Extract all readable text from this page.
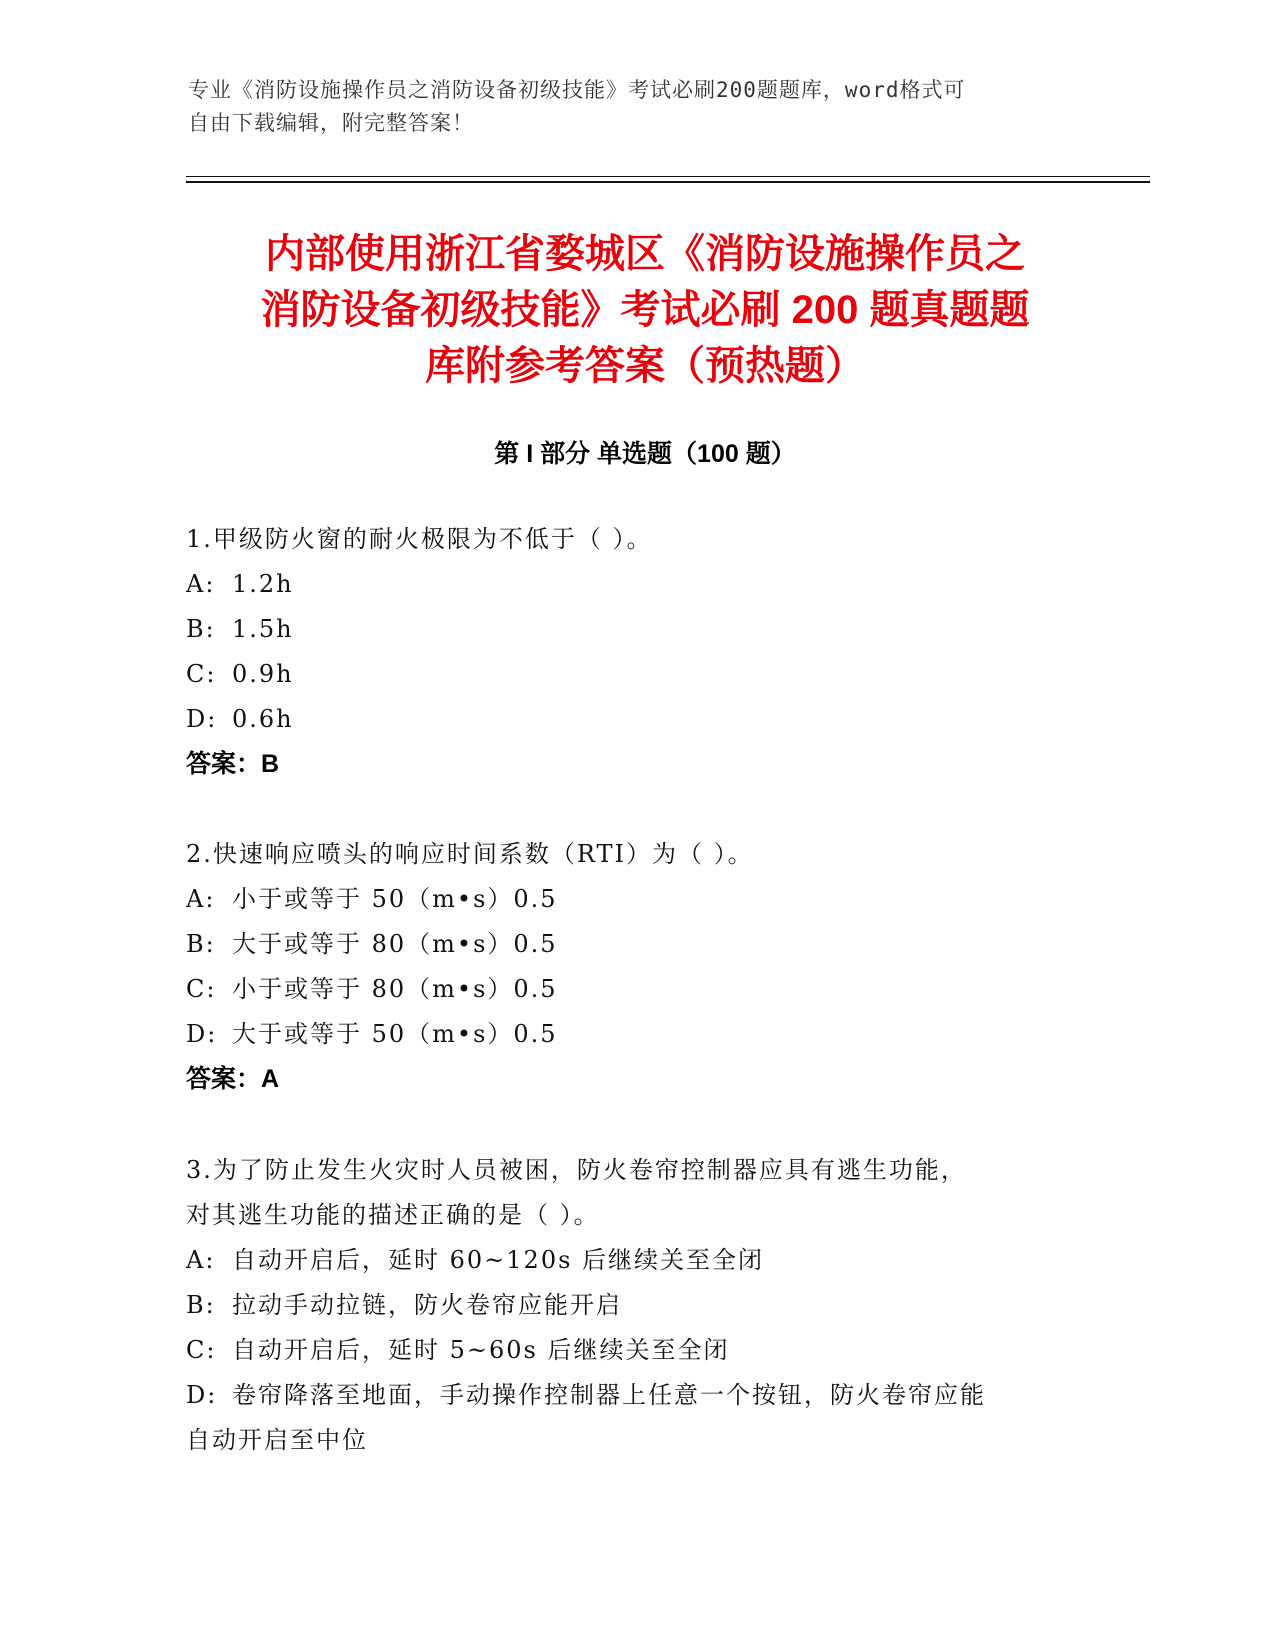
专业《消防设施操作员之消防设备初级技能》考试必刷200题题库，word格式可
自由下载编辑，附完整答案！
内部使用浙江省婺城区《消防设施操作员之
消防设备初级技能》考试必刷 200 题真题题
库附参考答案（预热题）
第 I 部分 单选题（100 题）
1.甲级防火窗的耐火极限为不低于（ ）。
A: 1.2h
B: 1.5h
C: 0.9h
D: 0.6h
答案：B
2.快速响应喷头的响应时间系数（RTI）为（ ）。
A: 小于或等于 50（m•s）0.5
B: 大于或等于 80（m•s）0.5
C: 小于或等于 80（m•s）0.5
D: 大于或等于 50（m•s）0.5
答案：A
3.为了防止发生火灾时人员被困，防火卷帘控制器应具有逃生功能，
对其逃生功能的描述正确的是（ ）。
A: 自动开启后，延时 60~120s 后继续关至全闭
B: 拉动手动拉链，防火卷帘应能开启
C: 自动开启后，延时 5~60s 后继续关至全闭
D: 卷帘降落至地面，手动操作控制器上任意一个按钮，防火卷帘应能
自动开启至中位
